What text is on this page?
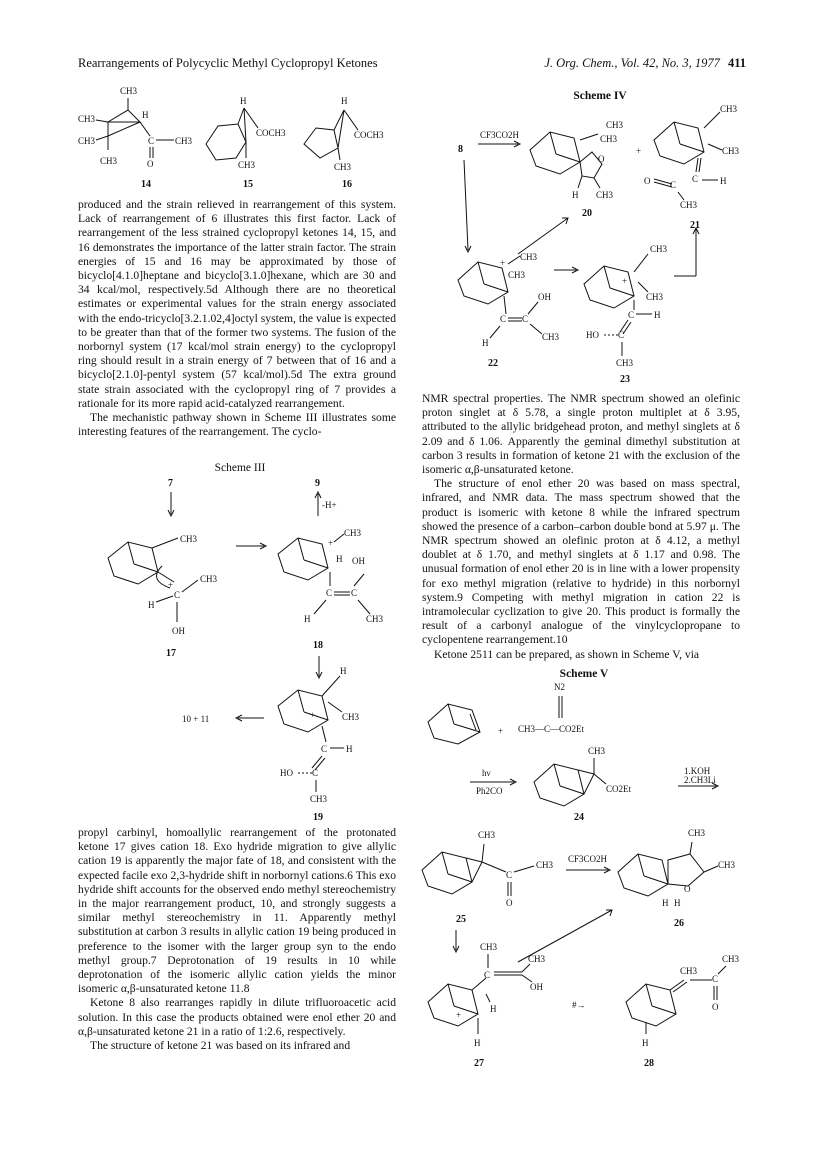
Rearrangements of Polycyclic Methyl Cyclopropyl Ketones	J. Org. Chem., Vol. 42, No. 3, 1977 411
CH3
CH3
CH3
H
CH3
C CH3
O
14
H
COCH3
CH3
15
H
COCH3
CH3
16

produced and the strain relieved in rearrangement of this system. Lack of rearrangement of 6 illustrates this first factor. Lack of rearrangement of the less strained cyclopropyl ketones 14, 15, and 16 demonstrates the importance of the latter strain factor. The strain energies of 15 and 16 may be approximated by those of bicyclo[4.1.0]heptane and bicyclo[3.1.0]hexane, which are 30 and 34 kcal/mol, respectively.5d Although there are no theoretical estimates or experimental values for the strain energy associated with the endo-tricyclo[3.2.1.02,4]octyl system, the value is expected to be greater than that of the former two systems. The fusion of the norbornyl system (17 kcal/mol strain energy) to the cyclopropyl ring should result in a strain energy of 7 between that of 16 and a bicyclo[2.1.0]-pentyl system (57 kcal/mol).5d The extra ground state strain associated with the cyclopropyl ring of 7 provides a rationale for its more rapid acid-catalyzed rearrangement.

The mechanistic pathway shown in Scheme III illustrates some interesting features of the rearrangement. The cyclo-

Scheme III
7	9
-H+
CH3
+
C
CH3
H
OH
17
+
CH3
H OH
C C
H	CH3
18
+
H
CH3
C H
HO C
CH3
10 + 11
19

propyl carbinyl, homoallylic rearrangement of the protonated ketone 17 gives cation 18. Exo hydride migration to give allylic cation 19 is apparently the major fate of 18, and consistent with the expected facile exo 2,3-hydride shift in norbornyl cations.6 This exo hydride shift accounts for the observed endo methyl stereochemistry in the major rearrangement product, 10, and strongly suggests a similar methyl stereochemistry in 11. Apparently methyl substitution at carbon 3 results in allylic cation 19 being produced in preference to the isomer with the larger group syn to the endo methyl group.7 Deprotonation of 19 results in 10 while deprotonation of the isomeric allylic cation yields the minor isomeric α,β-unsaturated ketone 11.8

Ketone 8 also rearranges rapidly in dilute trifluoroacetic acid solution. In this case the products obtained were enol ether 20 and α,β-unsaturated ketone 21 in a ratio of 1:2.6, respectively.

The structure of ketone 21 was based on its infrared and

Scheme IV
8
CF3CO2H
CH3
CH3
O
H CH3
20
+
CH3
CH3
C H
O C
CH3
21
+
CH3
CH3
C C
OH
CH3
H
22
+
CH3
CH3
C H
HO C
CH3
23

NMR spectral properties. The NMR spectrum showed an olefinic proton singlet at δ 5.78, a single proton multiplet at δ 3.95, attributed to the allylic bridgehead proton, and methyl singlets at δ 2.09 and δ 1.06. Apparently the geminal dimethyl substitution at carbon 3 results in formation of ketone 21 with the exclusion of the isomeric α,β-unsaturated ketone.

The structure of enol ether 20 was based on mass spectral, infrared, and NMR data. The mass spectrum showed that the product is isomeric with ketone 8 while the infrared spectrum showed the presence of a carbon–carbon double bond at 5.97 μ. The NMR spectrum showed an olefinic proton at δ 4.12, a methyl doublet at δ 1.70, and methyl singlets at δ 1.17 and 0.98. The unusual formation of enol ether 20 is in line with a lower propensity for exo methyl migration (relative to hydride) in this norbornyl system.9 Competing with methyl migration in cation 22 is intramolecular cyclization to give 20. This product is formally the result of a carbonyl analogue of the vinylcyclopropane to cyclopentene rearrangement.10

Ketone 2511 can be prepared, as shown in Scheme V, via

Scheme V
+
N2
CH3—C—CO2Et
hν
Ph2CO
CH3
CO2Et
24
1.KOH
2.CH3Li
CH3
C
CH3
O
25
CF3CO2H
CH3
CH3
O
H H
26
+
C
CH3
CH3
OH
H
H
27
#→
CH3
C
CH3
O
H
28
